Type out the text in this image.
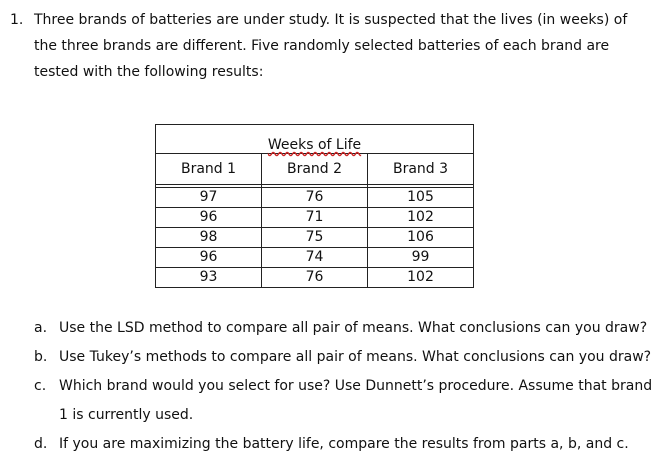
1. Three brands of batteries are under study. It is suspected that the lives (in weeks) of
the three brands are different. Five randomly selected batteries of each brand are
tested with the following results:
Weeks of Life		
Brand 1	Brand 2	Brand 3

97	76	105
96	71	102
98	75	106
96	74	99
93	76	102
a. Use the LSD method to compare all pair of means. What conclusions can you draw?
b. Use Tukey’s methods to compare all pair of means. What conclusions can you draw?
c. Which brand would you select for use? Use Dunnett’s procedure. Assume that brand
1 is currently used.
d. If you are maximizing the battery life, compare the results from parts a, b, and c.
